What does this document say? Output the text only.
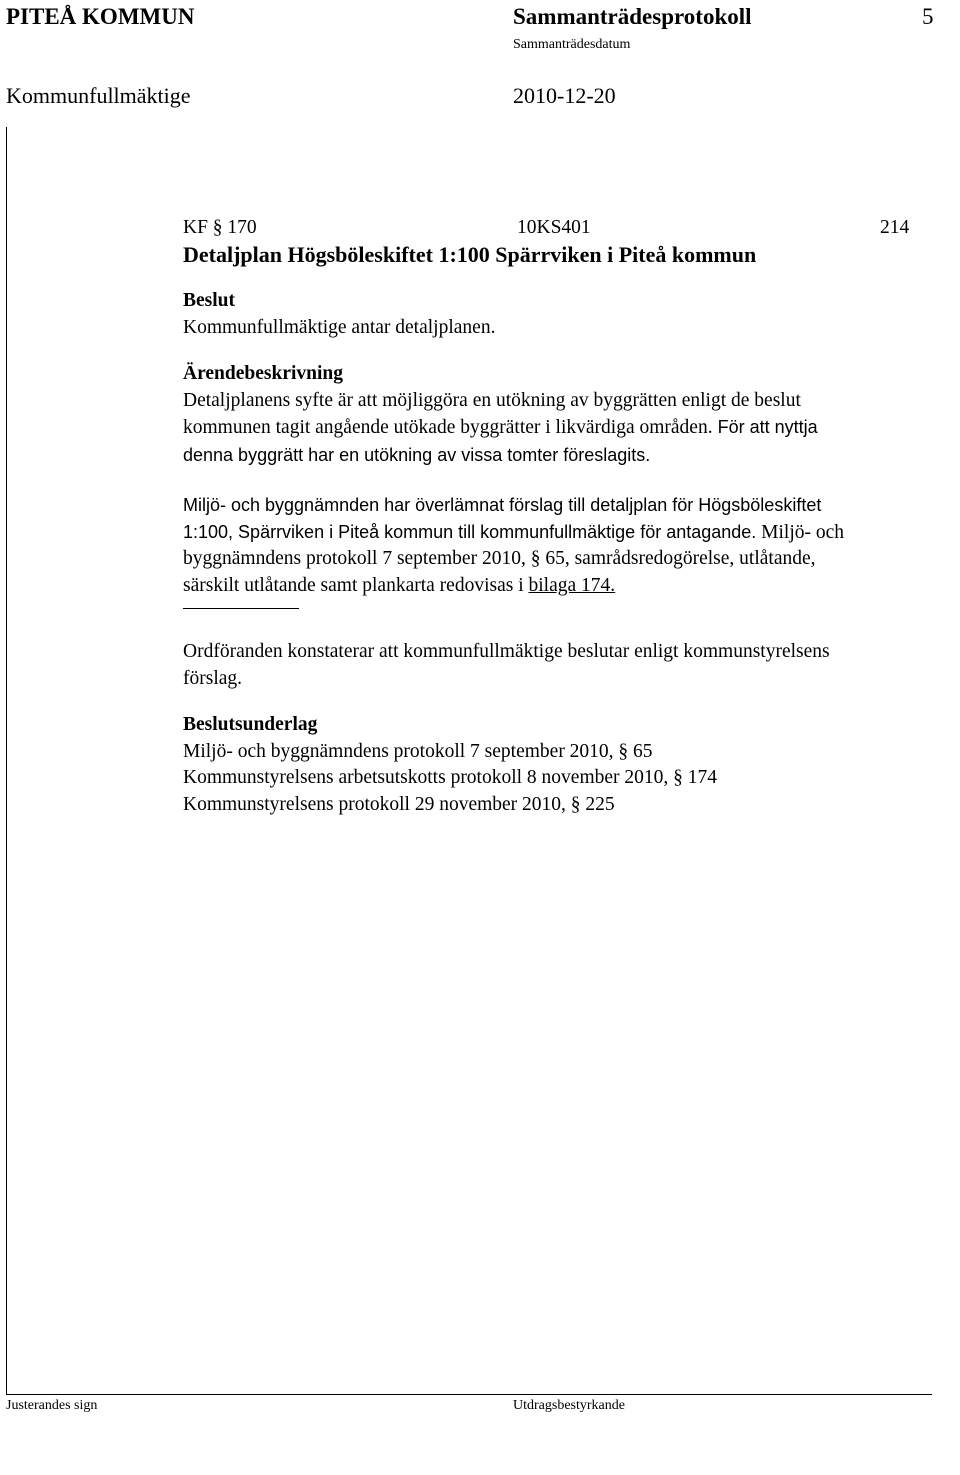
PITEÅ KOMMUN	Sammanträdesprotokoll	5
Sammanträdesdatum
Kommunfullmäktige	2010-12-20
KF § 170	10KS401	214
Detaljplan Högsböleskiftet 1:100 Spärrviken i Piteå kommun
Beslut
Kommunfullmäktige antar detaljplanen.
Ärendebeskrivning
Detaljplanens syfte är att möjliggöra en utökning av byggrätten enligt de beslut
kommunen tagit angående utökade byggrätter i likvärdiga områden. För att nyttja
denna byggrätt har en utökning av vissa tomter föreslagits.
Miljö- och byggnämnden har överlämnat förslag till detaljplan för Högsböleskiftet
1:100, Spärrviken i Piteå kommun till kommunfullmäktige för antagande. Miljö- och
byggnämndens protokoll 7 september 2010, § 65, samrådsredogörelse, utlåtande,
särskilt utlåtande samt plankarta redovisas i bilaga 174.
Ordföranden konstaterar att kommunfullmäktige beslutar enligt kommunstyrelsens
förslag.
Beslutsunderlag
Miljö- och byggnämndens protokoll 7 september 2010, § 65
Kommunstyrelsens arbetsutskotts protokoll 8 november 2010, § 174
Kommunstyrelsens protokoll 29 november 2010, § 225
Justerandes sign	Utdragsbestyrkande
